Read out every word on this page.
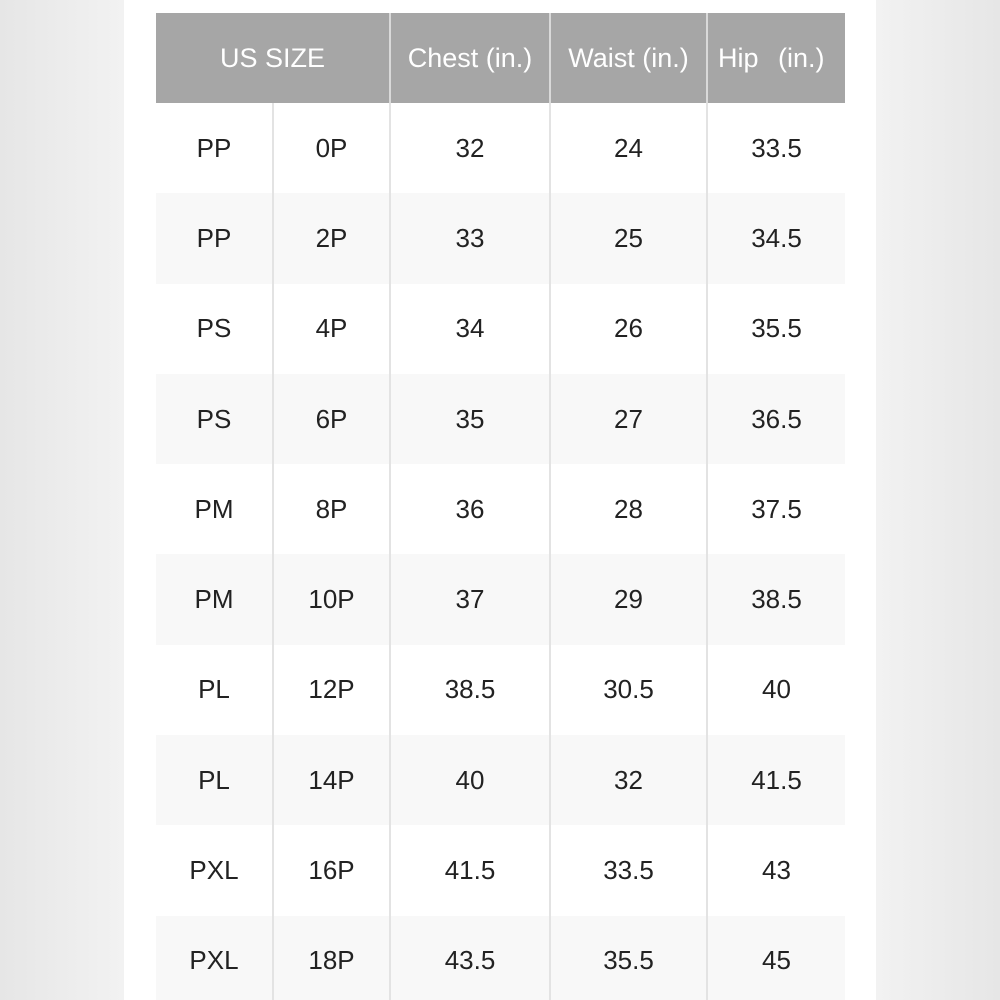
US SIZE		Chest (in.)	Waist (in.)	Hip (in.)
PP	0P	32	24	33.5
PP	2P	33	25	34.5
PS	4P	34	26	35.5
PS	6P	35	27	36.5
PM	8P	36	28	37.5
PM	10P	37	29	38.5
PL	12P	38.5	30.5	40
PL	14P	40	32	41.5
PXL	16P	41.5	33.5	43
PXL	18P	43.5	35.5	45
